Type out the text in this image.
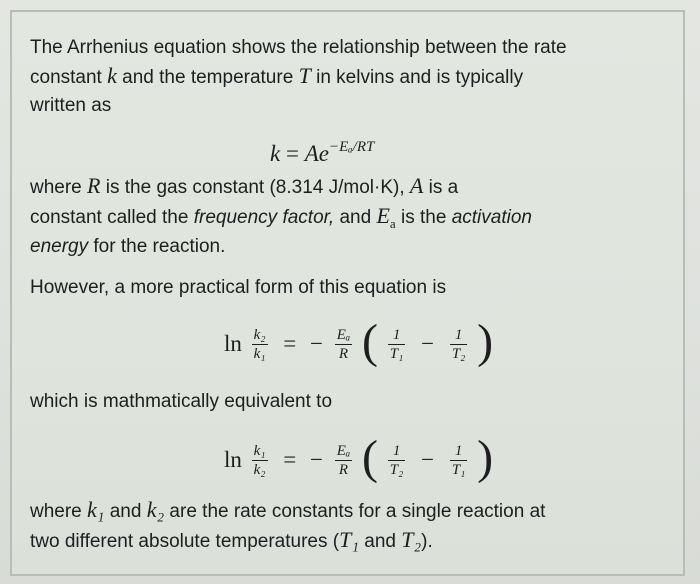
The Arrhenius equation shows the relationship between the rate
constant k and the temperature T in kelvins and is typically
written as

$k = Ae^{-E_a/RT}$

where R is the gas constant (8.314 J/mol·K), A is a
constant called the frequency factor, and $E_a$ is the activation
energy for the reaction.

However, a more practical form of this equation is

$\ln \frac{\text{k₂}}{\text{k₁}}$ = − $\frac{\text{Eₐ}}{R}$ ( $\frac{1}{\text{T₁}} - \frac{1}{\text{T₂}}$ )

which is mathmatically equivalent to

$\ln \frac{\text{k₁}}{\text{k₂}}$ = − $\frac{\text{Eₐ}}{R}$ ( $\frac{1}{\text{T₂}} - \frac{1}{\text{T₁}}$ )

where k₁ and k₂ are the rate constants for a single reaction at
two different absolute temperatures (T₁ and T₂).
